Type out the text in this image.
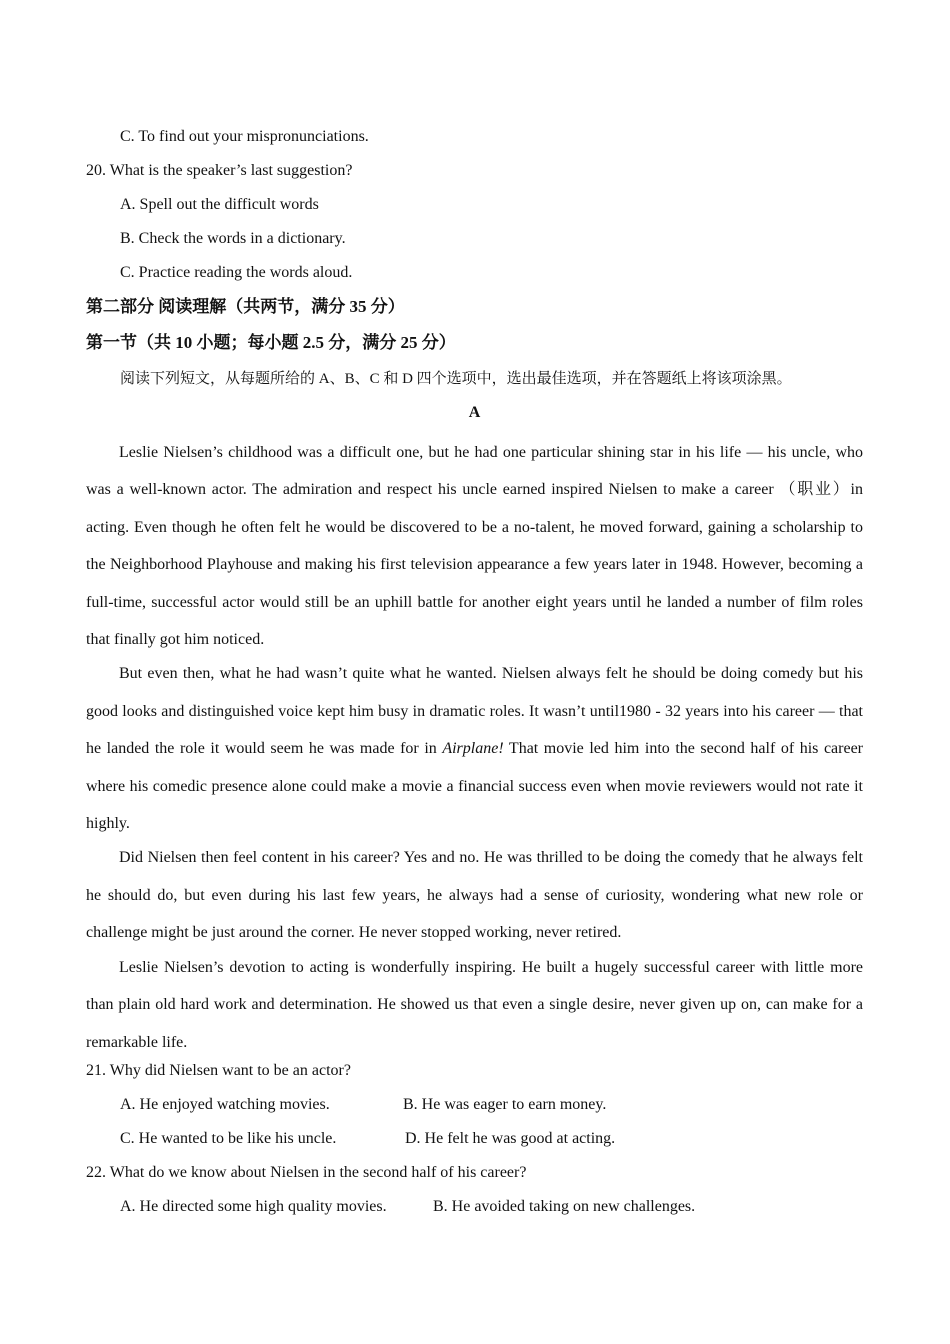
C. To find out your mispronunciations.
20. What is the speaker’s last suggestion?
A. Spell out the difficult words
B. Check the words in a dictionary.
C. Practice reading the words aloud.
第二部分 阅读理解（共两节，满分 35 分）
第一节（共 10 小题；每小题 2.5 分，满分 25 分）
阅读下列短文，从每题所给的 A、B、C 和 D 四个选项中，选出最佳选项，并在答题纸上将该项涂黑。
A

Leslie Nielsen’s childhood was a difficult one, but he had one particular shining star in his life — his uncle, who was a well-known actor. The admiration and respect his uncle earned inspired Nielsen to make a career （职业）in acting. Even though he often felt he would be discovered to be a no-talent, he moved forward, gaining a scholarship to the Neighborhood Playhouse and making his first television appearance a few years later in 1948. However, becoming a full-time, successful actor would still be an uphill battle for another eight years until he landed a number of film roles that finally got him noticed.

But even then, what he had wasn’t quite what he wanted. Nielsen always felt he should be doing comedy but his good looks and distinguished voice kept him busy in dramatic roles. It wasn’t until1980 - 32 years into his career — that he landed the role it would seem he was made for in Airplane! That movie led him into the second half of his career where his comedic presence alone could make a movie a financial success even when movie reviewers would not rate it highly.

Did Nielsen then feel content in his career? Yes and no. He was thrilled to be doing the comedy that he always felt he should do, but even during his last few years, he always had a sense of curiosity, wondering what new role or challenge might be just around the corner. He never stopped working, never retired.

Leslie Nielsen’s devotion to acting is wonderfully inspiring. He built a hugely successful career with little more than plain old hard work and determination. He showed us that even a single desire, never given up on, can make for a remarkable life.

21. Why did Nielsen want to be an actor?
A. He enjoyed watching movies.	B. He was eager to earn money.
C. He wanted to be like his uncle.	D. He felt he was good at acting.
22. What do we know about Nielsen in the second half of his career?
A. He directed some high quality movies.	B. He avoided taking on new challenges.
